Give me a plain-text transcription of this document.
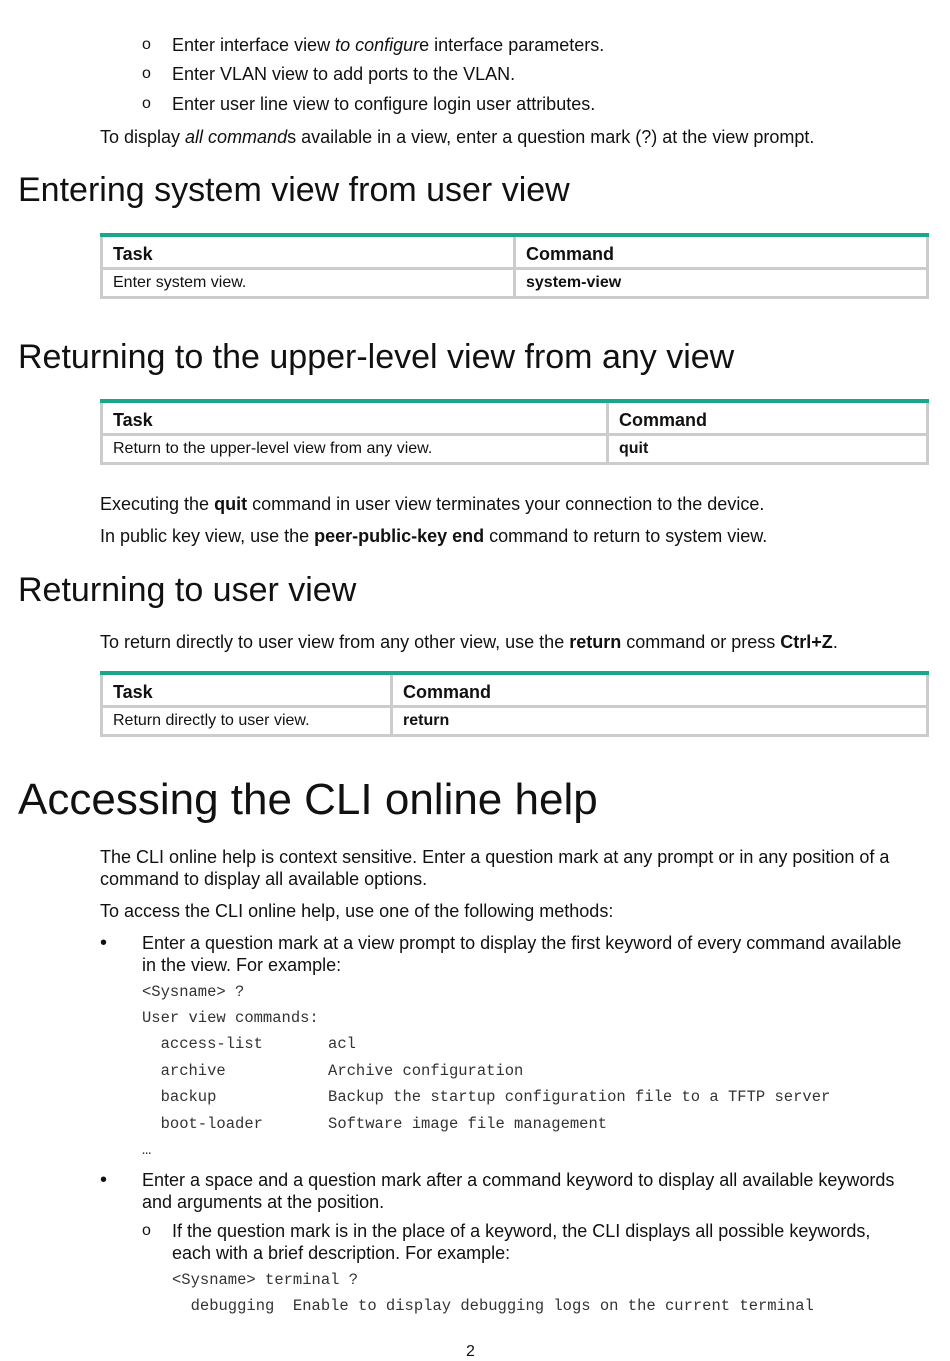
o Enter interface view to configure interface parameters.
o Enter VLAN view to add ports to the VLAN.
o Enter user line view to configure login user attributes.
To display all commands available in a view, enter a question mark (?) at the view prompt.
Entering system view from user view
Task	Command
Enter system view.	system-view
Returning to the upper-level view from any view
Task	Command
Return to the upper-level view from any view.	quit
Executing the quit command in user view terminates your connection to the device.
In public key view, use the peer-public-key end command to return to system view.
Returning to user view
To return directly to user view from any other view, use the return command or press Ctrl+Z.
Task	Command
Return directly to user view.	return
Accessing the CLI online help
The CLI online help is context sensitive. Enter a question mark at any prompt or in any position of a
command to display all available options.
To access the CLI online help, use one of the following methods:
• Enter a question mark at a view prompt to display the first keyword of every command available
in the view. For example:
<Sysname> ?
User view commands:
access-list       acl
archive           Archive configuration
backup            Backup the startup configuration file to a TFTP server
boot-loader       Software image file management
…
• Enter a space and a question mark after a command keyword to display all available keywords
and arguments at the position.
o If the question mark is in the place of a keyword, the CLI displays all possible keywords,
each with a brief description. For example:
<Sysname> terminal ?
debugging  Enable to display debugging logs on the current terminal
2
